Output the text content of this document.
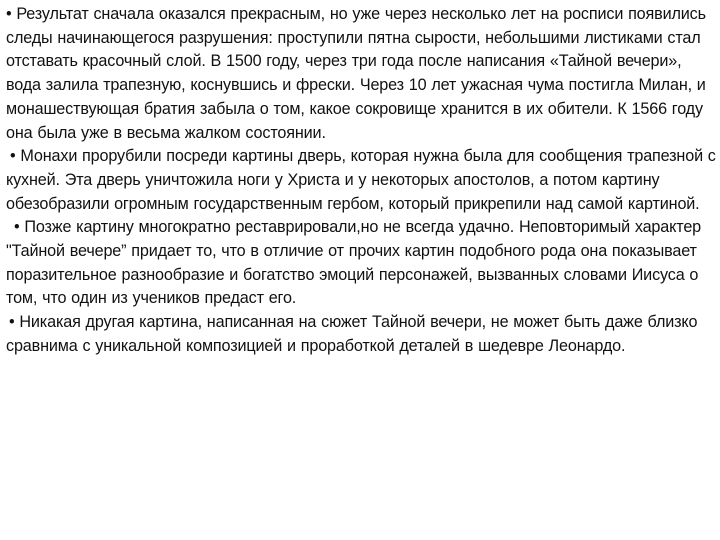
• Результат сначала оказался прекрасным, но уже через несколько лет на росписи появились следы начинающегося разрушения: проступили пятна сырости, небольшими листиками стал отставать красочный слой. В 1500 году, через три года после написания «Тайной вечери», вода залила трапезную, коснувшись и фрески. Через 10 лет ужасная чума постигла Милан, и монашествующая братия забыла о том, какое сокровище хранится в их обители. К 1566 году она была уже в весьма жалком состоянии.

• Монахи прорубили посреди картины дверь, которая нужна была для сообщения трапезной с кухней. Эта дверь уничтожила ноги у Христа и у некоторых апостолов, а потом картину обезобразили огромным государственным гербом, который прикрепили над самой картиной.

• Позже картину многократно реставрировали,но не всегда удачно. Неповторимый характер "Тайной вечере” придает то, что в отличие от прочих картин подобного рода она показывает поразительное разнообразие и богатство эмоций персонажей, вызванных словами Иисуса о том, что один из учеников предаст его.

• Никакая другая картина, написанная на сюжет Тайной вечери, не может быть даже близко сравнима с уникальной композицией и проработкой деталей в шедевре Леонардо.
